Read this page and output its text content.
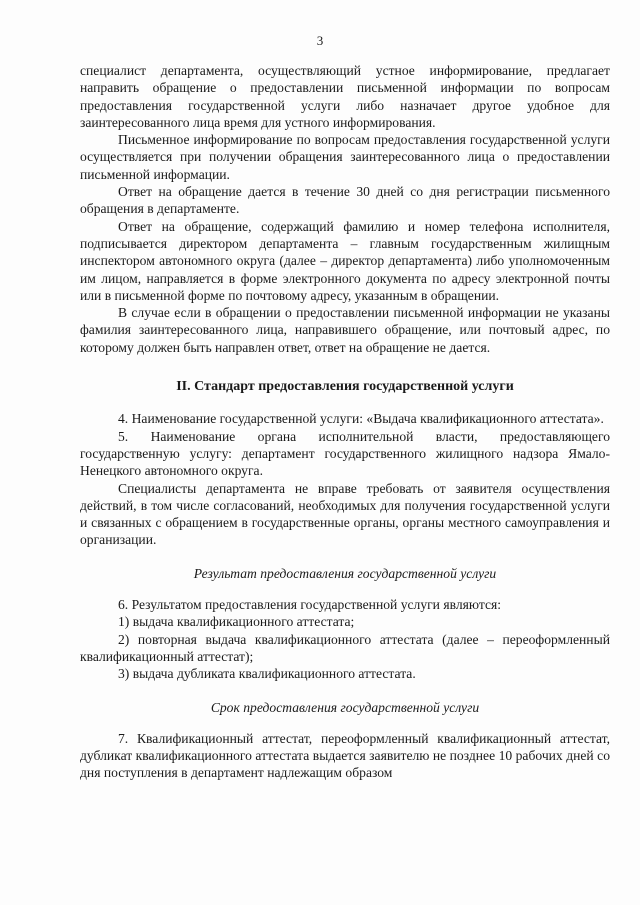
3

специалист департамента, осуществляющий устное информирование, предлагает направить обращение о предоставлении письменной информации по вопросам предоставления государственной услуги либо назначает другое удобное для заинтересованного лица время для устного информирования.

Письменное информирование по вопросам предоставления государственной услуги осуществляется при получении обращения заинтересованного лица о предоставлении письменной информации.

Ответ на обращение дается в течение 30 дней со дня регистрации письменного обращения в департаменте.

Ответ на обращение, содержащий фамилию и номер телефона исполнителя, подписывается директором департамента – главным государственным жилищным инспектором автономного округа (далее – директор департамента) либо уполномоченным им лицом, направляется в форме электронного документа по адресу электронной почты или в письменной форме по почтовому адресу, указанным в обращении.

В случае если в обращении о предоставлении письменной информации не указаны фамилия заинтересованного лица, направившего обращение, или почтовый адрес, по которому должен быть направлен ответ, ответ на обращение не дается.

II. Стандарт предоставления государственной услуги

4. Наименование государственной услуги: «Выдача квалификационного аттестата».

5. Наименование органа исполнительной власти, предоставляющего государственную услугу: департамент государственного жилищного надзора Ямало-Ненецкого автономного округа.

Специалисты департамента не вправе требовать от заявителя осуществления действий, в том числе согласований, необходимых для получения государственной услуги и связанных с обращением в государственные органы, органы местного самоуправления и организации.

Результат предоставления государственной услуги

6. Результатом предоставления государственной услуги являются:

1) выдача квалификационного аттестата;

2) повторная выдача квалификационного аттестата (далее – переоформленный квалификационный аттестат);

3) выдача дубликата квалификационного аттестата.

Срок предоставления государственной услуги

7. Квалификационный аттестат, переоформленный квалификационный аттестат, дубликат квалификационного аттестата выдается заявителю не позднее 10 рабочих дней со дня поступления в департамент надлежащим образом
